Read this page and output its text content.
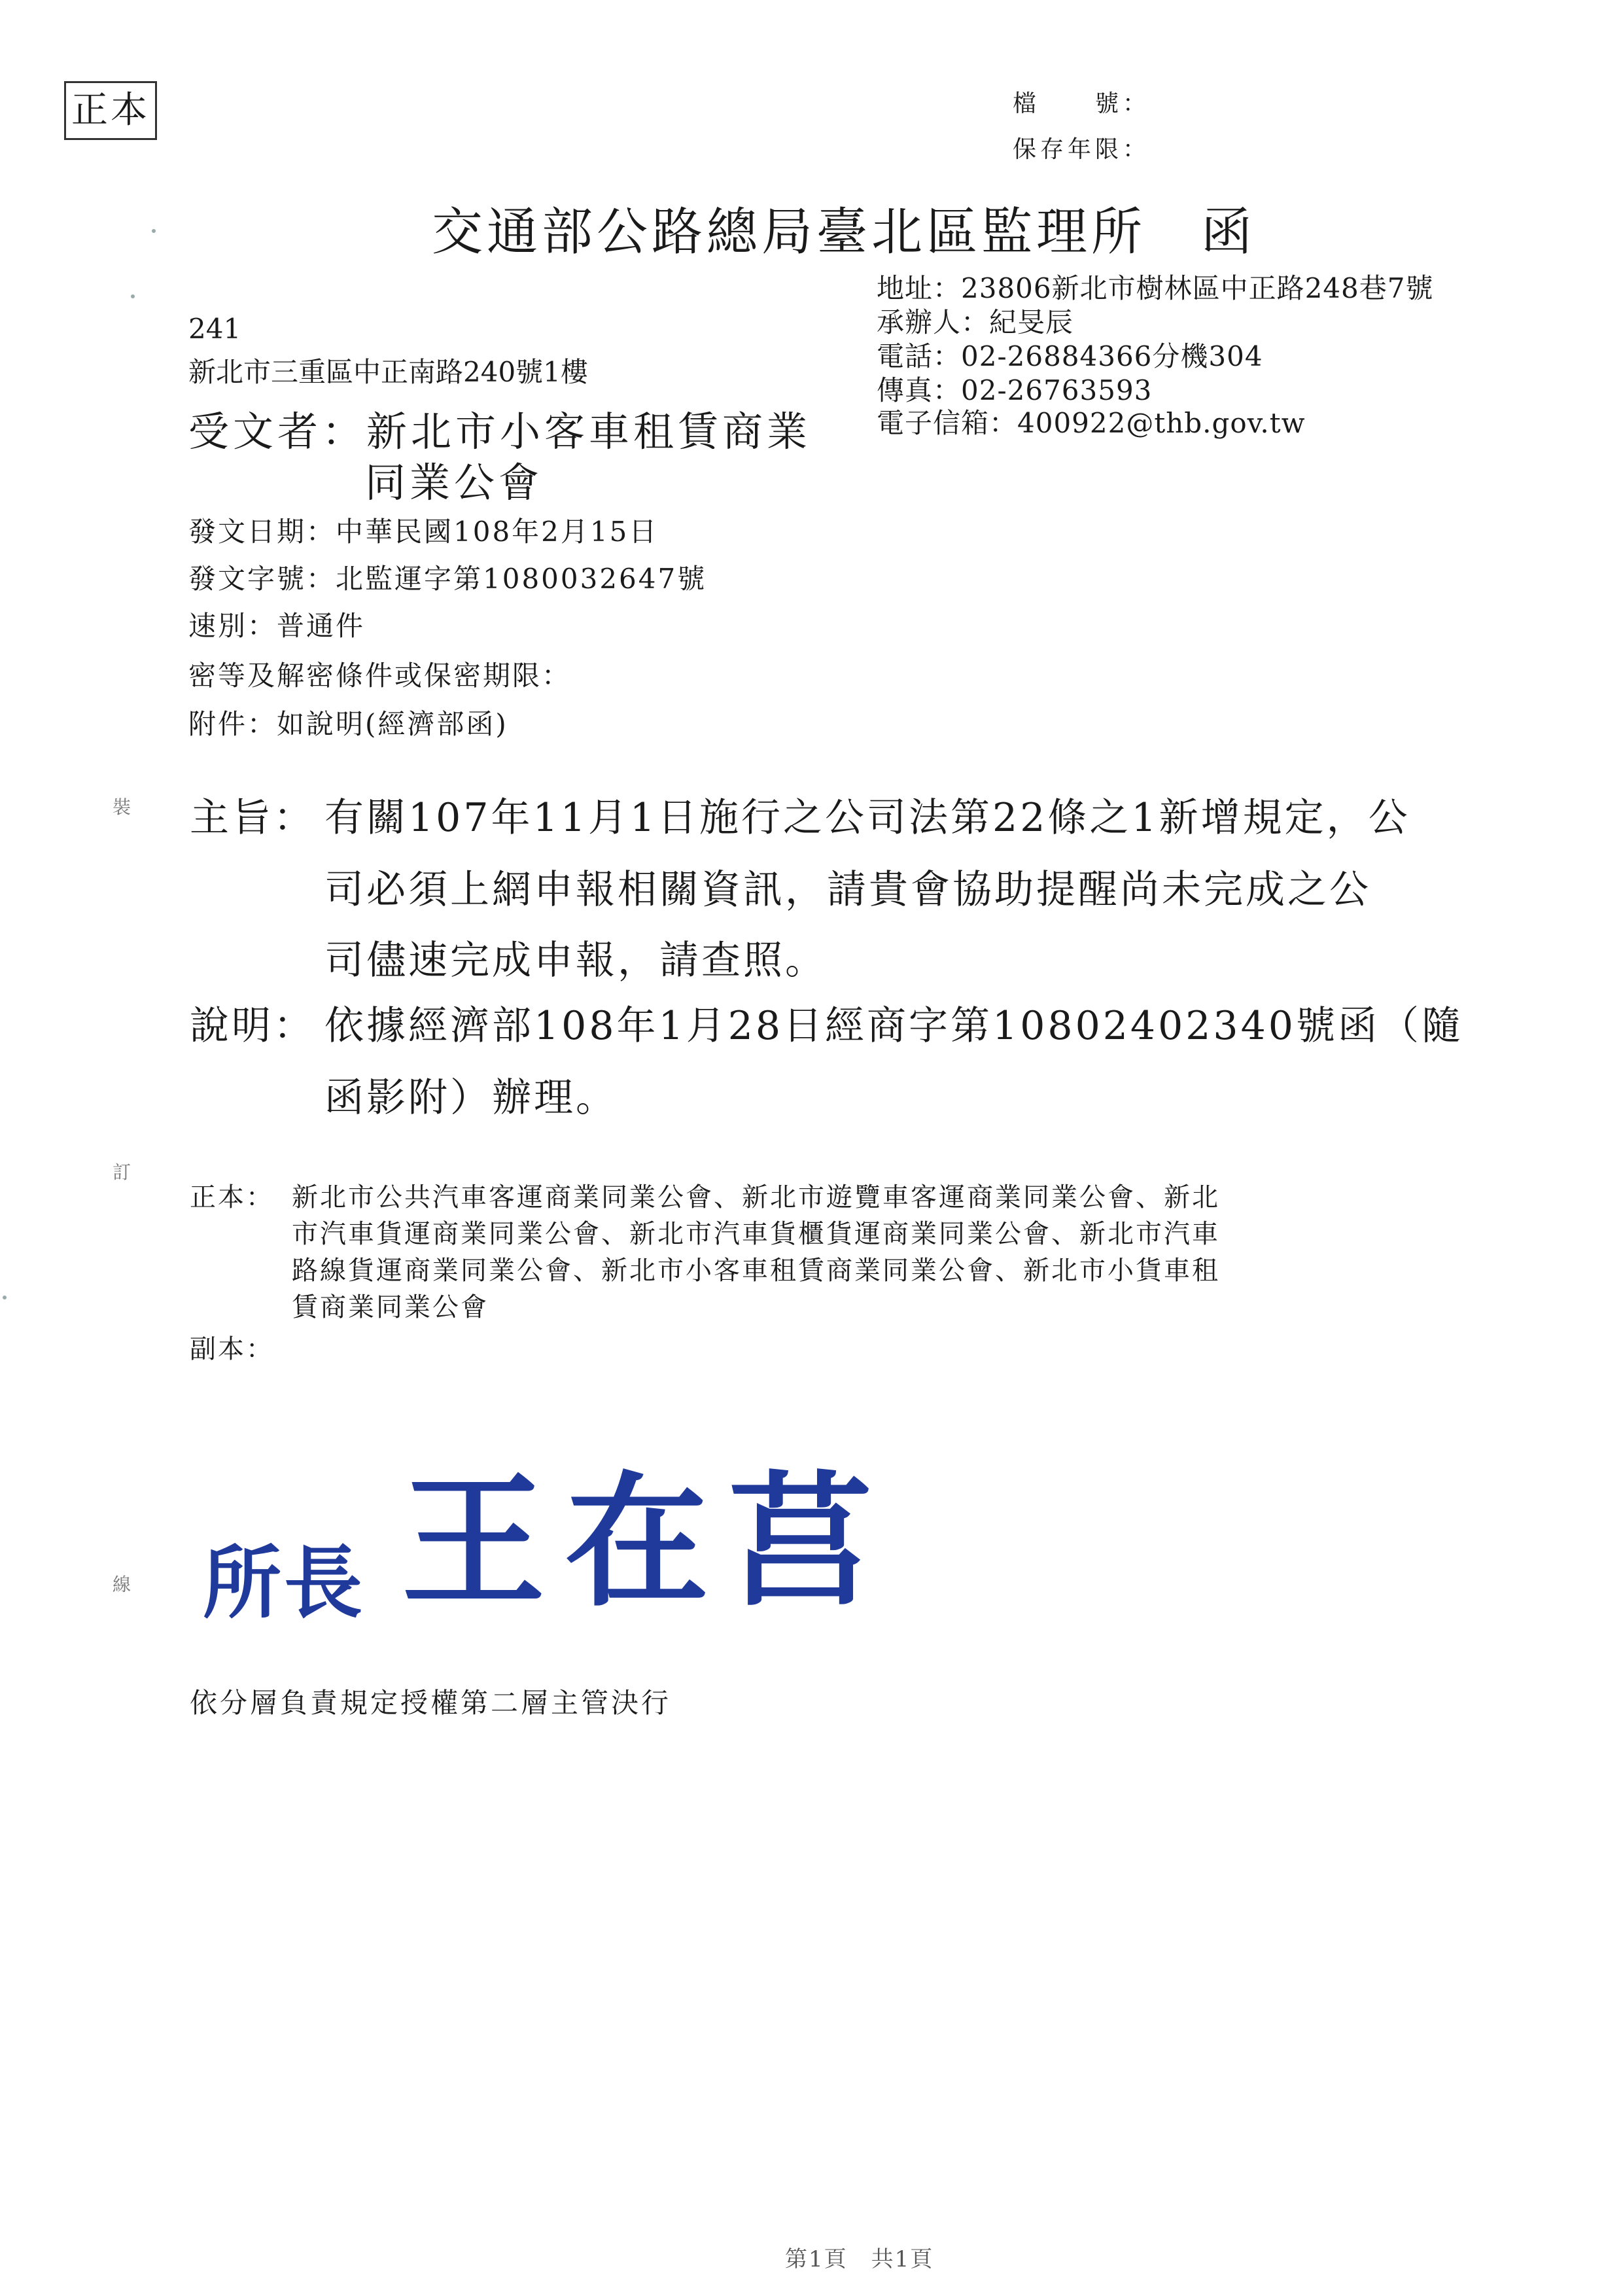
正本	檔　　號：
保存年限：
交通部公路總局臺北區監理所　函
地址：23806新北市樹林區中正路248巷7號
承辦人：紀旻辰
電話：02-26884366分機304
傳真：02-26763593
電子信箱：400922@thb.gov.tw
241
新北市三重區中正南路240號1樓
受文者：新北市小客車租賃商業
同業公會
發文日期：中華民國108年2月15日
發文字號：北監運字第1080032647號
速別：普通件
密等及解密條件或保密期限：
附件：如說明(經濟部函)
主旨： 有關107年11月1日施行之公司法第22條之1新增規定，公
司必須上網申報相關資訊，請貴會協助提醒尚未完成之公
司儘速完成申報，請查照。
說明： 依據經濟部108年1月28日經商字第10802402340號函（隨
函影附）辦理。
正本： 新北市公共汽車客運商業同業公會、新北市遊覽車客運商業同業公會、新北
市汽車貨運商業同業公會、新北市汽車貨櫃貨運商業同業公會、新北市汽車
路線貨運商業同業公會、新北市小客車租賃商業同業公會、新北市小貨車租
賃商業同業公會
副本：
裝
訂
線 所長 王在莒
依分層負責規定授權第二層主管決行
第1頁　共1頁
